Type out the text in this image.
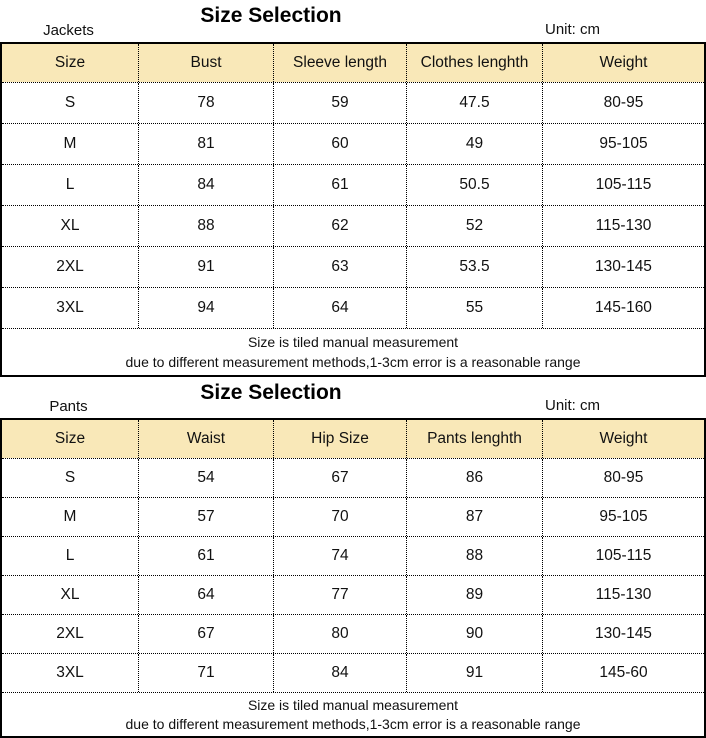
Jackets
Size Selection
Unit: cm
Size	Bust	Sleeve length	Clothes lenghth	Weight
S	78	59	47.5	80-95
M	81	60	49	95-105
L	84	61	50.5	105-115
XL	88	62	52	115-130
2XL	91	63	53.5	130-145
3XL	94	64	55	145-160
Size is tiled manual measurement
due to different measurement methods,1-3cm error is a reasonable range
Pants
Size Selection
Unit: cm
Size	Waist	Hip Size	Pants lenghth	Weight
S	54	67	86	80-95
M	57	70	87	95-105
L	61	74	88	105-115
XL	64	77	89	115-130
2XL	67	80	90	130-145
3XL	71	84	91	145-60
Size is tiled manual measurement
due to different measurement methods,1-3cm error is a reasonable range
